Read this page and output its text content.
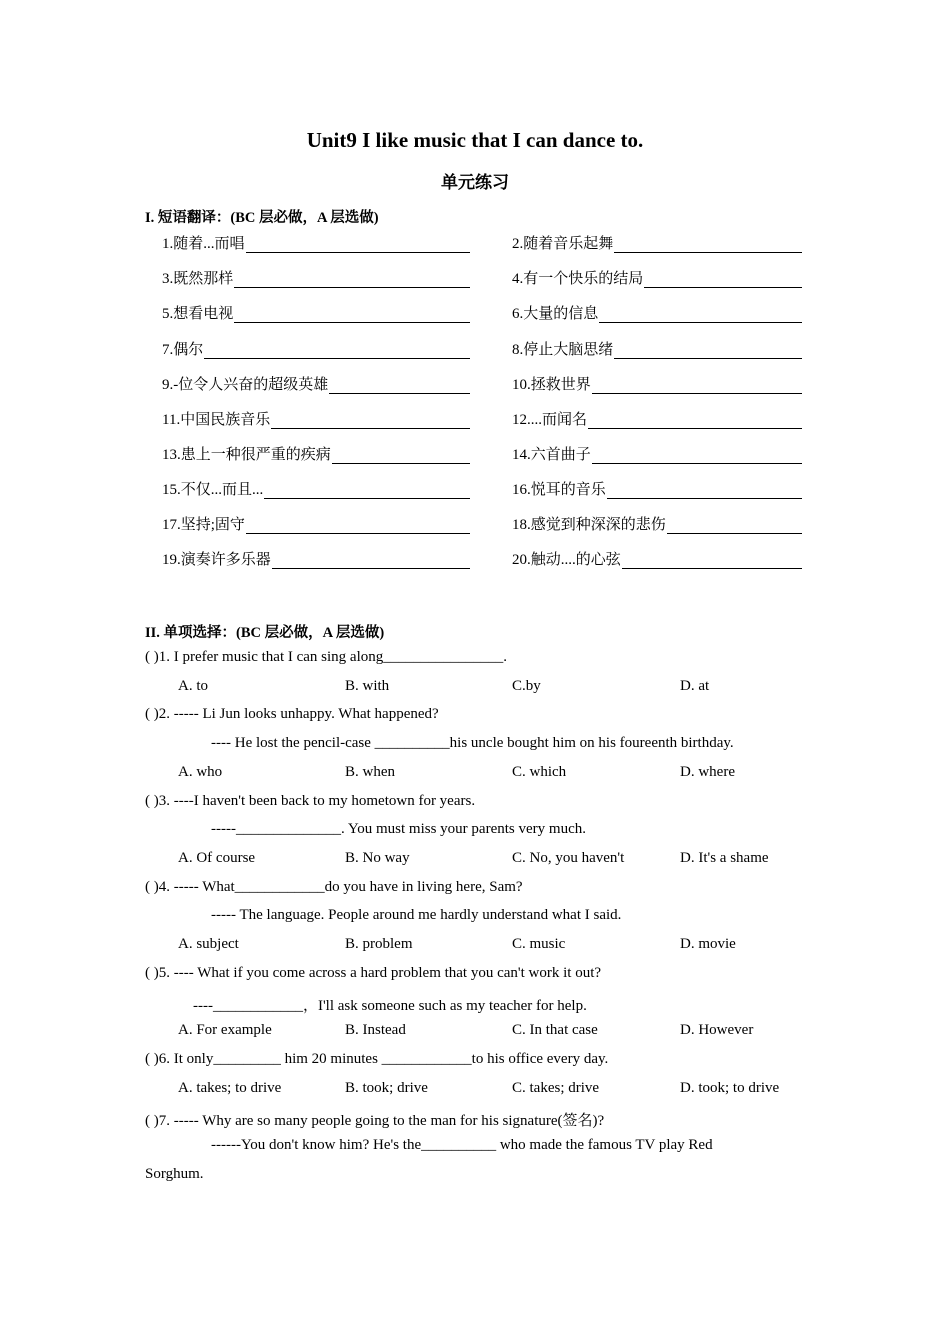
Unit9 I like music that I can dance to.
单元练习
I. 短语翻译：(BC 层必做，A 层选做)
1.随着...而唱	2.随着音乐起舞
3.既然那样	4.有一个快乐的结局
5.想看电视	6.大量的信息
7.偶尔	8.停止大脑思绪
9.-位令人兴奋的超级英雄	10.拯救世界
11.中国民族音乐	12....而闻名
13.患上一种很严重的疾病	14.六首曲子
15.不仅...而且...	16.悦耳的音乐
17.坚持;固守	18.感觉到种深深的悲伤
19.演奏许多乐器	20.触动....的心弦
II. 单项选择：(BC 层必做，A 层选做)
( )1. I prefer music that I can sing along________________.
A. to	B. with	C.by	D. at
( )2. ----- Li Jun looks unhappy. What happened?
---- He lost the pencil-case __________his uncle bought him on his foureenth birthday.
A. who	B. when	C. which	D. where
( )3. ----I haven't been back to my hometown for years.
-----______________. You must miss your parents very much.
A. Of course	B. No way	C. No, you haven't	D. It's a shame
( )4. ----- What____________do you have in living here, Sam?
----- The language. People around me hardly understand what I said.
A. subject	B. problem	C. music	D. movie
( )5. ---- What if you come across a hard problem that you can't work it out?
----____________，I'll ask someone such as my teacher for help.
A. For example	B. Instead	C. In that case	D. However
( )6. It only_________ him 20 minutes ____________to his office every day.
A. takes; to drive	B. took; drive	C. takes; drive	D. took; to drive
( )7. ----- Why are so many people going to the man for his signature(签名)?
------You don't know him? He's the__________ who made the famous TV play Red
Sorghum.
